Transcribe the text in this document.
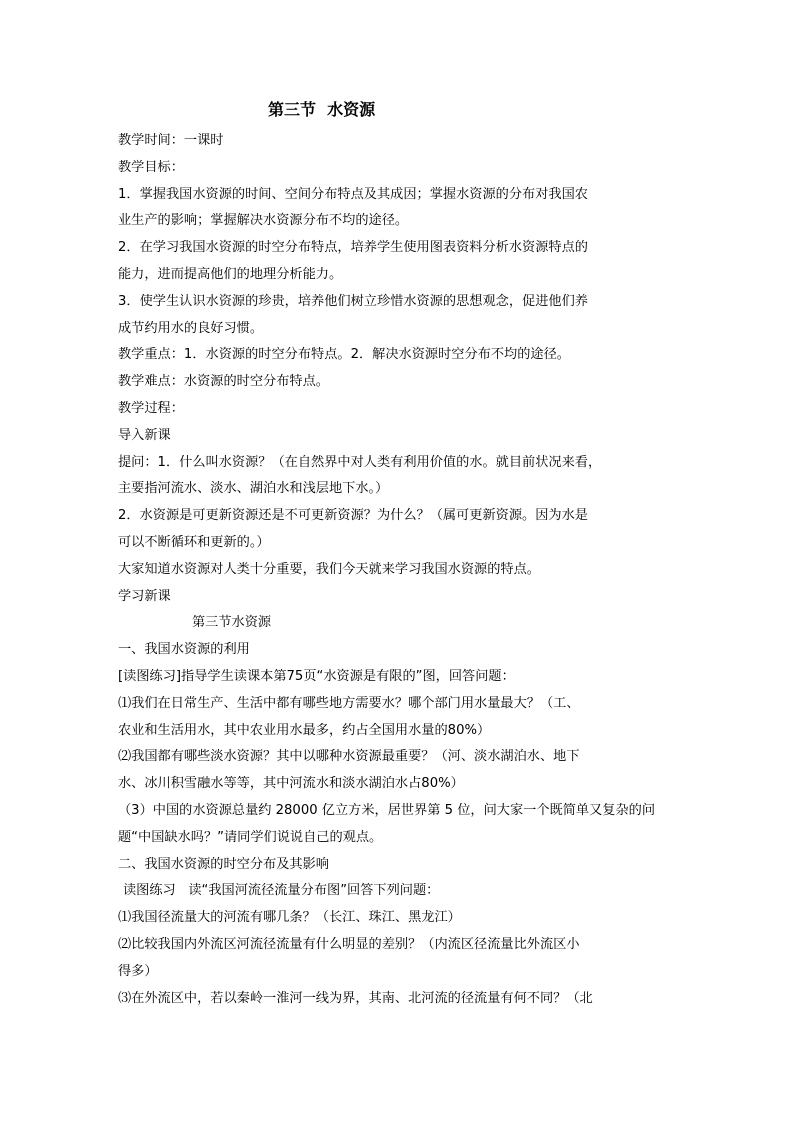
第三节  水资源
教学时间：一课时
教学目标：
1．掌握我国水资源的时间、空间分布特点及其成因；掌握水资源的分布对我国农
业生产的影响；掌握解决水资源分布不均的途径。
2．在学习我国水资源的时空分布特点，培养学生使用图表资料分析水资源特点的
能力，进而提高他们的地理分析能力。
3．使学生认识水资源的珍贵，培养他们树立珍惜水资源的思想观念，促进他们养
成节约用水的良好习惯。
教学重点：1．水资源的时空分布特点。2．解决水资源时空分布不均的途径。
教学难点：水资源的时空分布特点。
教学过程：
导入新课
提问：1．什么叫水资源？（在自然界中对人类有利用价值的水。就目前状况来看，
主要指河流水、淡水、湖泊水和浅层地下水。）
2．水资源是可更新资源还是不可更新资源？为什么？（属可更新资源。因为水是
可以不断循环和更新的。）
大家知道水资源对人类十分重要，我们今天就来学习我国水资源的特点。
学习新课
第三节水资源
一、我国水资源的利用
[读图练习]指导学生读课本第75页“水资源是有限的”图，回答问题：
⑴我们在日常生产、生活中都有哪些地方需要水？哪个部门用水量最大？（工、
农业和生活用水，其中农业用水最多，约占全国用水量的80%）
⑵我国都有哪些淡水资源？其中以哪种水资源最重要？（河、淡水湖泊水、地下
水、冰川积雪融水等等，其中河流水和淡水湖泊水占80%）
（3）中国的水资源总量约 28000 亿立方米，居世界第 5 位，问大家一个既简单又复杂的问
题“中国缺水吗？”请同学们说说自己的观点。
二、我国水资源的时空分布及其影响
读图练习   读“我国河流径流量分布图”回答下列问题：
⑴我国径流量大的河流有哪几条？（长江、珠江、黑龙江）
⑵比较我国内外流区河流径流量有什么明显的差别？（内流区径流量比外流区小
得多）
⑶在外流区中，若以秦岭一淮河一线为界，其南、北河流的径流量有何不同？（北
